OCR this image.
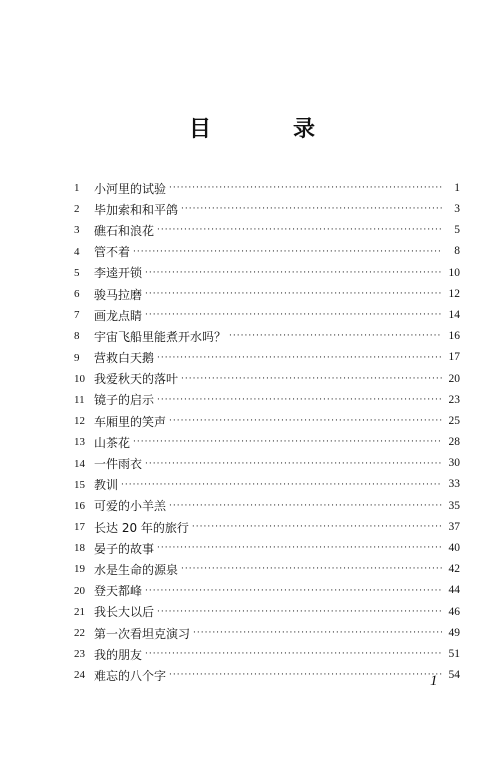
目　录
1	小河里的试验 ·····	1
2	毕加索和和平鸽 ·····	3
3	礁石和浪花 ·····	5
4	管不着 ·····	8
5	李逵开锁 ·····	10
6	骏马拉磨 ·····	12
7	画龙点睛 ·····	14
8	宇宙飞船里能煮开水吗？ ·····	16
9	营救白天鹅 ·····	17
10 我爱秋天的落叶 ·····	20
11 镜子的启示 ·····	23
12 车厢里的笑声 ·····	25
13 山茶花 ·····	28
14 一件雨衣 ·····	30
15 教训 ·····	33
16 可爱的小羊羔 ·····	35
17 长达 20 年的旅行 ·····	37
18 晏子的故事 ·····	40
19 水是生命的源泉 ·····	42
20 登天都峰 ·····	44
21 我长大以后 ·····	46
22 第一次看坦克演习 ·····	49
23 我的朋友 ·····	51
24 难忘的八个字 ·····	54
1
